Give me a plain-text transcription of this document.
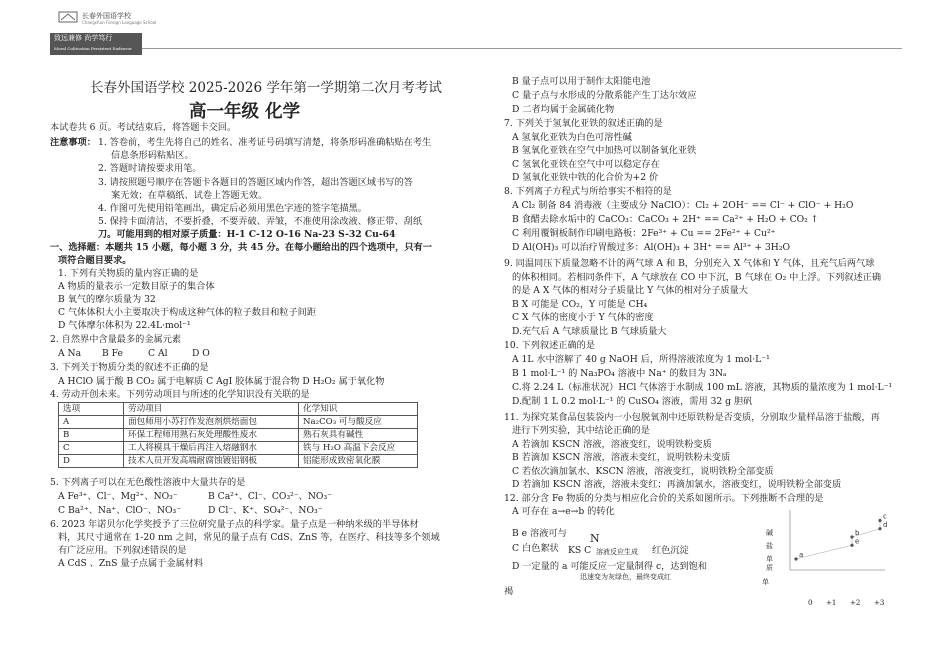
长春外国语学校
Changchun Foreign Language School
致远兼修 尚学笃行
Moral Cultivation Persistent Endeavor
长春外国语学校 2025-2026 学年第一学期第二次月考考试
高一年级 化学
本试卷共 6 页。考试结束后，将答题卡交回。
注意事项： 1. 答卷前，考生先将自己的姓名、准考证号码填写清楚，将条形码准确粘贴在考生
信息条形码粘贴区。
2. 答题时请按要求用笔。
3. 请按照题号顺序在答题卡各题目的答题区域内作答，超出答题区域书写的答
案无效；在草稿纸、试卷上答题无效。
4. 作图可先使用铅笔画出，确定后必须用黑色字迹的签字笔描黑。
5. 保持卡面清洁，不要折叠，不要弄破、弄皱，不准使用涂改液、修正带、刮纸
刀。可能用到的相对原子质量：H-1 C-12 O-16 Na-23 S-32 Cu-64
一、选择题：本题共 15 小题，每小题 3 分，共 45 分。在每小题给出的四个选项中，只有一
项符合题目要求。
1. 下列有关物质的量内容正确的是
A 物质的量表示一定数目原子的集合体
B 氧气的摩尔质量为 32
C 气体体积大小主要取决于构成这种气体的粒子数目和粒子间距
D 气体摩尔体积为 22.4L·mol⁻¹
2. 自然界中含量最多的金属元素
A Na B Fe	C Al	D O
3. 下列关于物质分类的叙述不正确的是
A HClO 属于酸 B CO₂ 属于电解质 C AgI 胶体属于混合物 D H₂O₂ 属于氧化物
4. 劳动开创未来。下列劳动项目与所述的化学知识没有关联的是
选项	劳动项目	化学知识
A	面包师用小苏打作发泡剂烘焙面包	Na₂CO₃ 可与酸反应
B	环保工程师用熟石灰处理酸性废水	熟石灰具有碱性
C	工人将模具干燥后再注入熔融钢水	铁与 H₂O 高温下会反应
D	技术人员开发高端耐腐蚀镀铝钢板	铝能形成致密氧化膜
5. 下列离子可以在无色酸性溶液中大量共存的是
A Fe³⁺、Cl⁻、Mg²⁺、NO₃⁻	B Ca²⁺、Cl⁻、CO₃²⁻、NO₃⁻
C Ba²⁺、Na⁺、ClO⁻、NO₃⁻	D Cl⁻、K⁺、SO₄²⁻、NO₃⁻
6. 2023 年诺贝尔化学奖授予了三位研究量子点的科学家。量子点是一种纳米级的半导体材
料，其尺寸通常在 1-20 nm 之间，常见的量子点有 CdS、ZnS 等，在医疗、科技等多个领域
有广泛应用。下列叙述错误的是
A CdS 、ZnS 量子点属于金属材料
B 量子点可以用于制作太阳能电池
C 量子点与水形成的分散系能产生丁达尔效应
D 二者均属于金属硫化物
7. 下列关于氢氧化亚铁的叙述正确的是
A 氢氧化亚铁为白色可溶性碱
B 氢氧化亚铁在空气中加热可以制备氧化亚铁
C 氢氧化亚铁在空气中可以稳定存在
D 氢氧化亚铁中铁的化合价为+2 价
8. 下列离子方程式与所给事实不相符的是
A Cl₂ 制备 84 消毒液（主要成分 NaClO）：Cl₂ + 2OH⁻ == Cl⁻ + ClO⁻ + H₂O
B 食醋去除水垢中的 CaCO₃：CaCO₃ + 2H⁺ == Ca²⁺ + H₂O + CO₂ ↑
C 利用覆铜板制作印刷电路板：2Fe³⁺ + Cu == 2Fe²⁺ + Cu²⁺
D Al(OH)₃ 可以治疗胃酸过多：Al(OH)₃ + 3H⁺ == Al³⁺ + 3H₂O
9. 同温同压下质量忽略不计的两气球 A 和 B，分别充入 X 气体和 Y 气体，且充气后两气球
的体积相同。若相同条件下，A 气球放在 CO 中下沉，B 气球在 O₂ 中上浮。下列叙述正确
的是 A X 气体的相对分子质量比 Y 气体的相对分子质量大
B X 可能是 CO₂，Y 可能是 CH₄
C X 气体的密度小于 Y 气体的密度
D.充气后 A 气球质量比 B 气球质量大
10. 下列叙述正确的是
A 1L 水中溶解了 40 g NaOH 后，所得溶液浓度为 1 mol·L⁻¹
B 1 mol·L⁻¹ 的 Na₃PO₄ 溶液中 Na⁺ 的数目为 3Nₐ
C.将 2.24 L（标准状况）HCl 气体溶于水制成 100 mL 溶液，其物质的量浓度为 1 mol·L⁻¹
D.配制 1 L 0.2 mol·L⁻¹ 的 CuSO₄ 溶液，需用 32 g 胆矾
11. 为探究某食品包装袋内一小包脱氧剂中还原铁粉是否变质，分别取少量样品溶于盐酸，再
进行下列实验，其中结论正确的是
A 若滴加 KSCN 溶液，溶液变红，说明铁粉变质
B 若滴加 KSCN 溶液，溶液未变红，说明铁粉未变质
C 若依次滴加氯水、KSCN 溶液，溶液变红，说明铁粉全部变质
D 若滴加 KSCN 溶液，溶液未变红；再滴加氯水，溶液变红，说明铁粉全部变质
12. 部分含 Fe 物质的分类与相应化合价的关系如图所示。下列推断不合理的是
A 可存在 a→e→b 的转化
B e 溶液可与
C 白色絮状
D 一定量的 a 可能反应一定量制得 c，达到饱和
褐
N
KS C 溶液反应生成 红色沉淀
迅速变为灰绿色，最终变成红
a
b
c
d
e
碱
盐
单
质
单
0 +1 +2 +3
